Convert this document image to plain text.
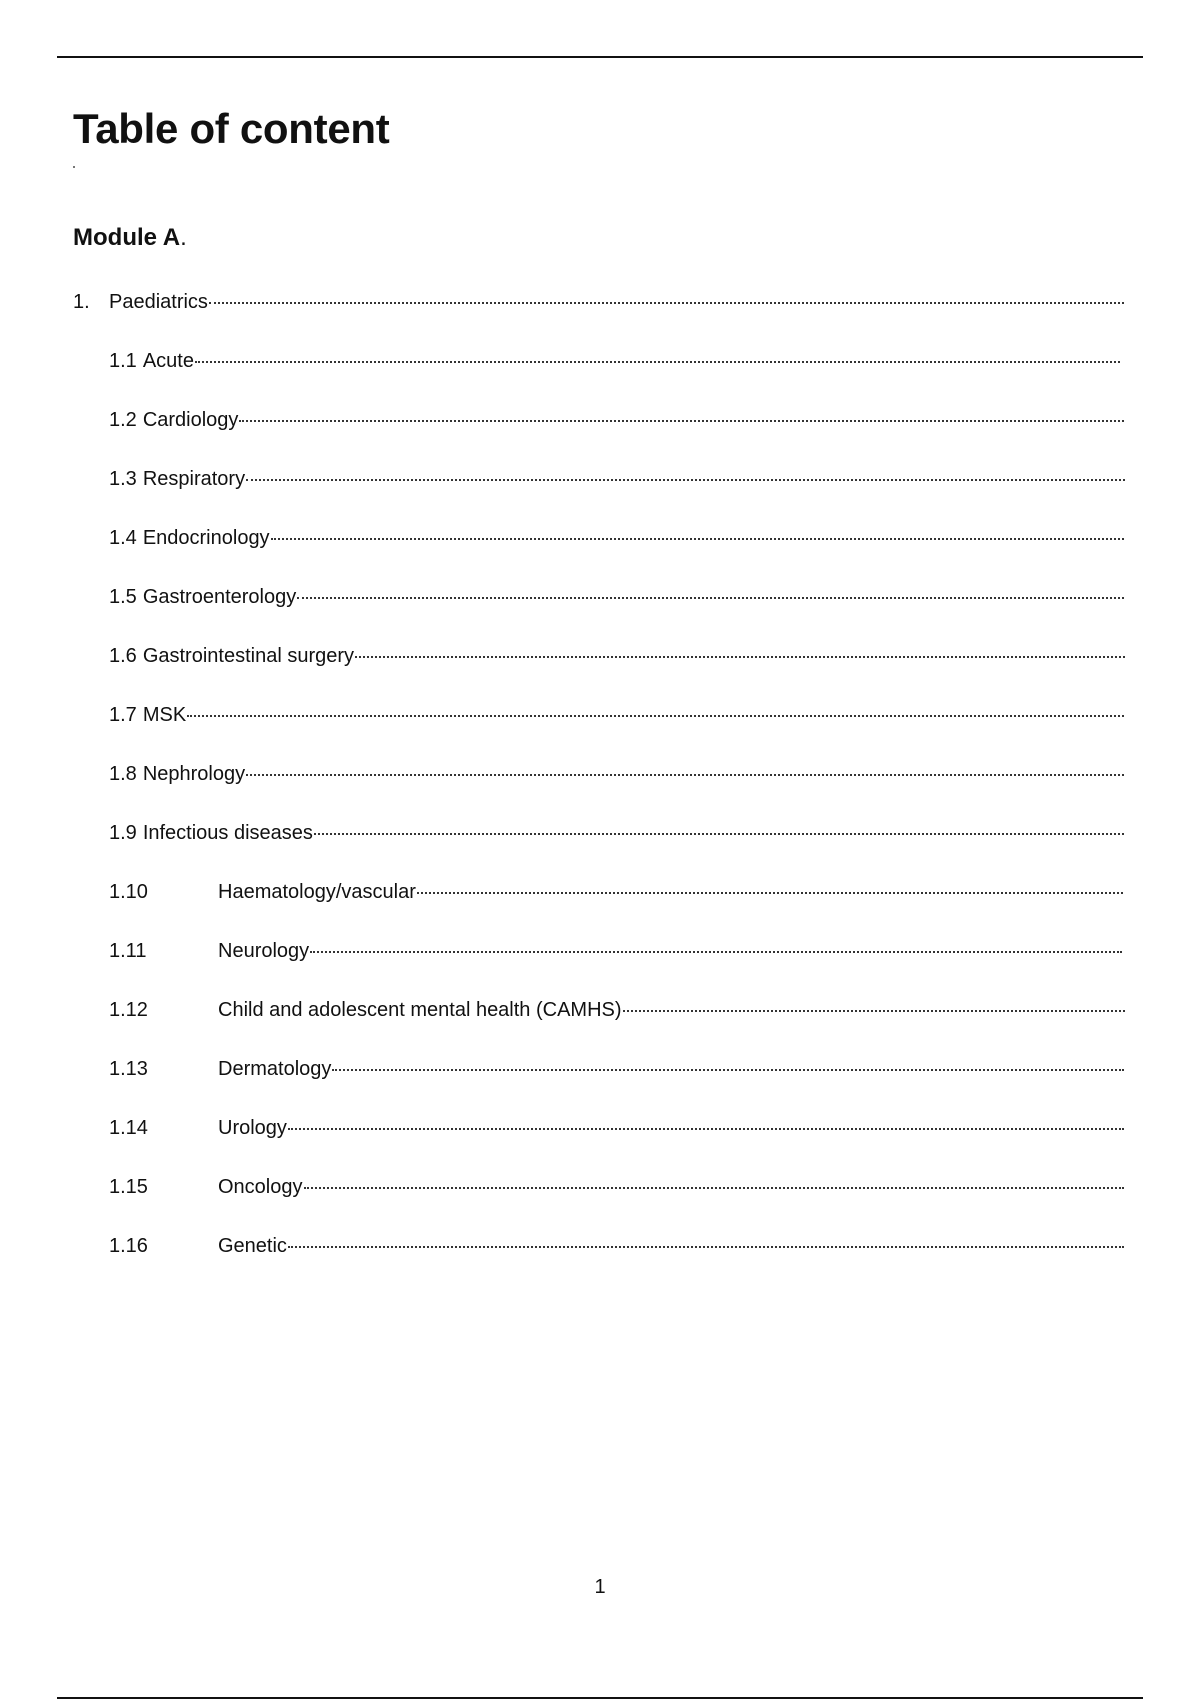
Table of content
Module A.
1. Paediatrics
1.1 Acute
1.2 Cardiology
1.3 Respiratory
1.4 Endocrinology
1.5 Gastroenterology
1.6 Gastrointestinal surgery
1.7 MSK
1.8 Nephrology
1.9 Infectious diseases
1.10	Haematology/vascular
1.11	Neurology
1.12	Child and adolescent mental health (CAMHS)
1.13	Dermatology
1.14	Urology
1.15	Oncology
1.16	Genetic
1
